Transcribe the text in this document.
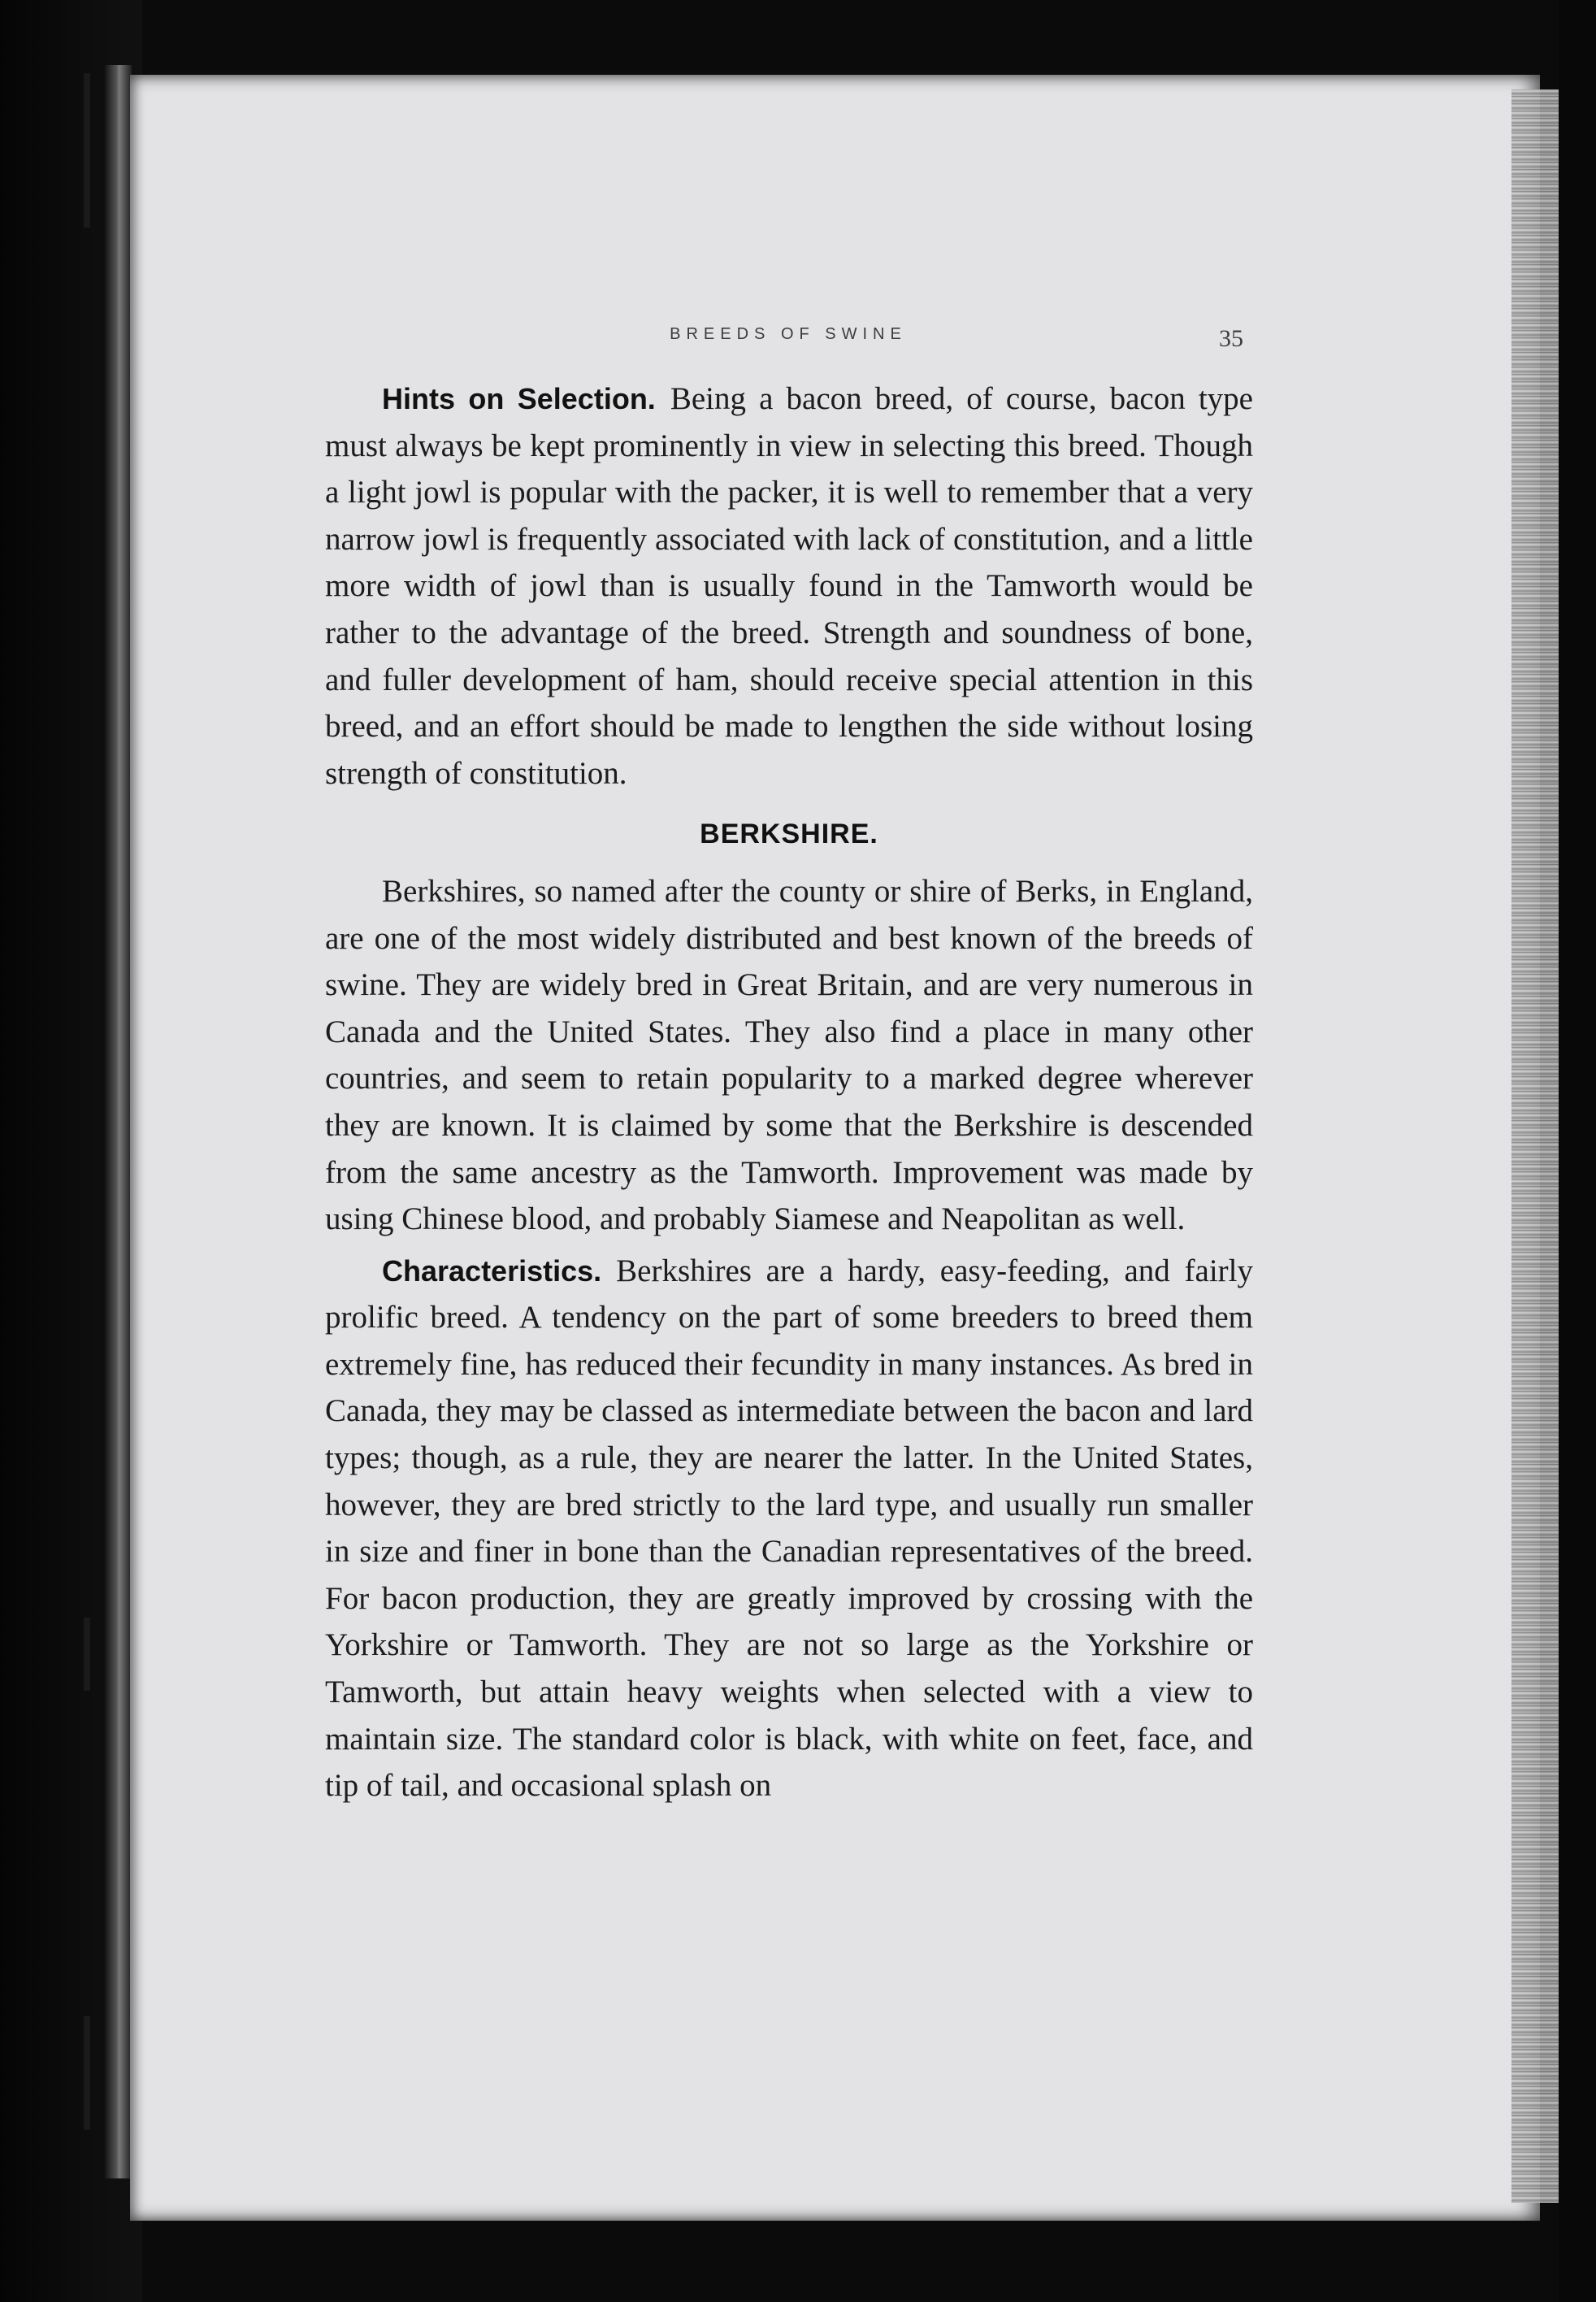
BREEDS OF SWINE	35

Hints on Selection. Being a bacon breed, of course, bacon type must always be kept prominently in view in selecting this breed. Though a light jowl is popular with the packer, it is well to remember that a very narrow jowl is frequently associated with lack of constitution, and a little more width of jowl than is usually found in the Tamworth would be rather to the advantage of the breed. Strength and soundness of bone, and fuller development of ham, should receive special attention in this breed, and an effort should be made to lengthen the side without losing strength of constitution.

BERKSHIRE.

Berkshires, so named after the county or shire of Berks, in England, are one of the most widely distributed and best known of the breeds of swine. They are widely bred in Great Britain, and are very numerous in Canada and the United States. They also find a place in many other countries, and seem to retain popularity to a marked degree wherever they are known. It is claimed by some that the Berkshire is descended from the same ancestry as the Tamworth. Improvement was made by using Chinese blood, and probably Siamese and Neapolitan as well.

Characteristics. Berkshires are a hardy, easy-feeding, and fairly prolific breed. A tendency on the part of some breeders to breed them extremely fine, has reduced their fecundity in many instances. As bred in Canada, they may be classed as intermediate between the bacon and lard types; though, as a rule, they are nearer the latter. In the United States, however, they are bred strictly to the lard type, and usually run smaller in size and finer in bone than the Canadian representatives of the breed. For bacon production, they are greatly improved by crossing with the Yorkshire or Tamworth. They are not so large as the Yorkshire or Tamworth, but attain heavy weights when selected with a view to maintain size. The standard color is black, with white on feet, face, and tip of tail, and occasional splash on
